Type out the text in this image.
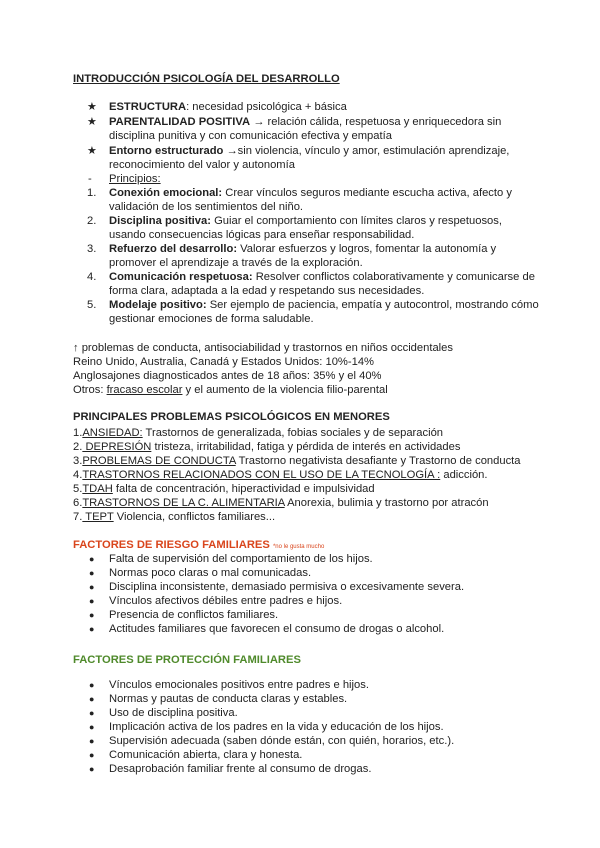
INTRODUCCIÓN PSICOLOGÍA DEL DESARROLLO
★ ESTRUCTURA: necesidad psicológica + básica
★ PARENTALIDAD POSITIVA → relación cálida, respetuosa y enriquecedora sin disciplina punitiva y con comunicación efectiva y empatía
★ Entorno estructurado →sin violencia, vínculo y amor, estimulación aprendizaje, reconocimiento del valor y autonomía
- Principios:
1. Conexión emocional: Crear vínculos seguros mediante escucha activa, afecto y validación de los sentimientos del niño.
2. Disciplina positiva: Guiar el comportamiento con límites claros y respetuosos, usando consecuencias lógicas para enseñar responsabilidad.
3. Refuerzo del desarrollo: Valorar esfuerzos y logros, fomentar la autonomía y promover el aprendizaje a través de la exploración.
4. Comunicación respetuosa: Resolver conflictos colaborativamente y comunicarse de forma clara, adaptada a la edad y respetando sus necesidades.
5. Modelaje positivo: Ser ejemplo de paciencia, empatía y autocontrol, mostrando cómo gestionar emociones de forma saludable.
↑ problemas de conducta, antisociabilidad y trastornos en niños occidentales
Reino Unido, Australia, Canadá y Estados Unidos: 10%-14%
Anglosajones diagnosticados antes de 18 años: 35% y el 40%
Otros: fracaso escolar y el aumento de la violencia filio-parental
PRINCIPALES PROBLEMAS PSICOLÓGICOS EN MENORES
1.ANSIEDAD: Trastornos de generalizada, fobias sociales y de separación
2. DEPRESIÓN tristeza, irritabilidad, fatiga y pérdida de interés en actividades
3.PROBLEMAS DE CONDUCTA Trastorno negativista desafiante y Trastorno de conducta
4.TRASTORNOS RELACIONADOS CON EL USO DE LA TECNOLOGÍA : adicción.
5.TDAH falta de concentración, hiperactividad e impulsividad
6.TRASTORNOS DE LA C. ALIMENTARIA Anorexia, bulimia y trastorno por atracón
7. TEPT Violencia, conflictos familiares...
FACTORES DE RIESGO FAMILIARES *no le gusta mucho
● Falta de supervisión del comportamiento de los hijos.
● Normas poco claras o mal comunicadas.
● Disciplina inconsistente, demasiado permisiva o excesivamente severa.
● Vínculos afectivos débiles entre padres e hijos.
● Presencia de conflictos familiares.
● Actitudes familiares que favorecen el consumo de drogas o alcohol.
FACTORES DE PROTECCIÓN FAMILIARES
● Vínculos emocionales positivos entre padres e hijos.
● Normas y pautas de conducta claras y estables.
● Uso de disciplina positiva.
● Implicación activa de los padres en la vida y educación de los hijos.
● Supervisión adecuada (saben dónde están, con quién, horarios, etc.).
● Comunicación abierta, clara y honesta.
● Desaprobación familiar frente al consumo de drogas.
